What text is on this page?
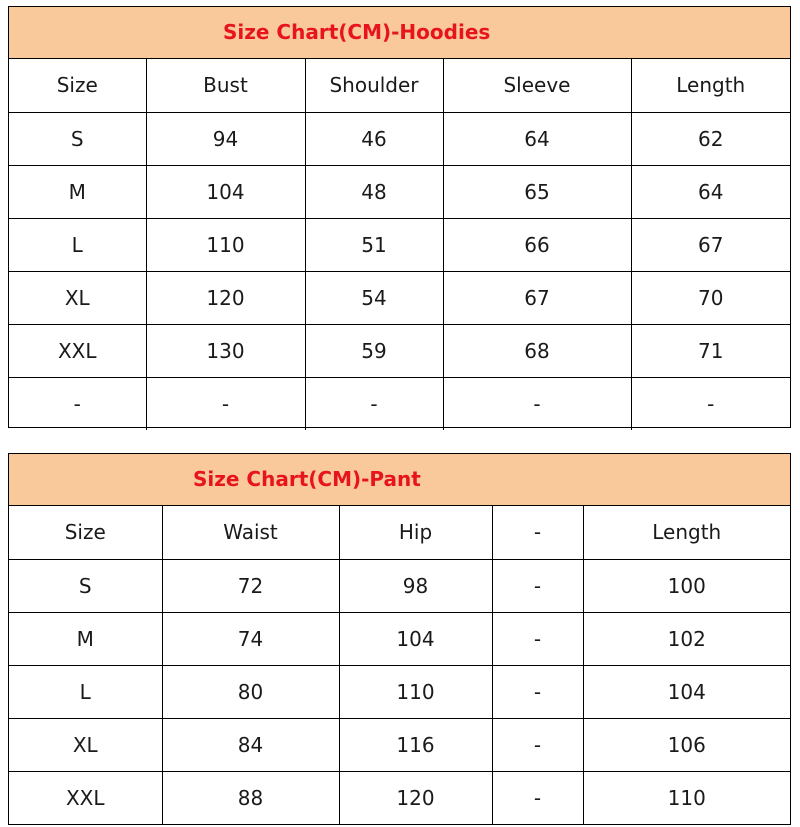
Size Chart(CM)-Hoodies
Size	Bust	Shoulder	Sleeve	Length
S	94	46	64	62
M	104	48	65	64
L	110	51	66	67
XL	120	54	67	70
XXL	130	59	68	71
-	-	-	-	-
Size Chart(CM)-Pant
Size	Waist	Hip	-	Length
S	72	98	-	100
M	74	104	-	102
L	80	110	-	104
XL	84	116	-	106
XXL	88	120	-	110
